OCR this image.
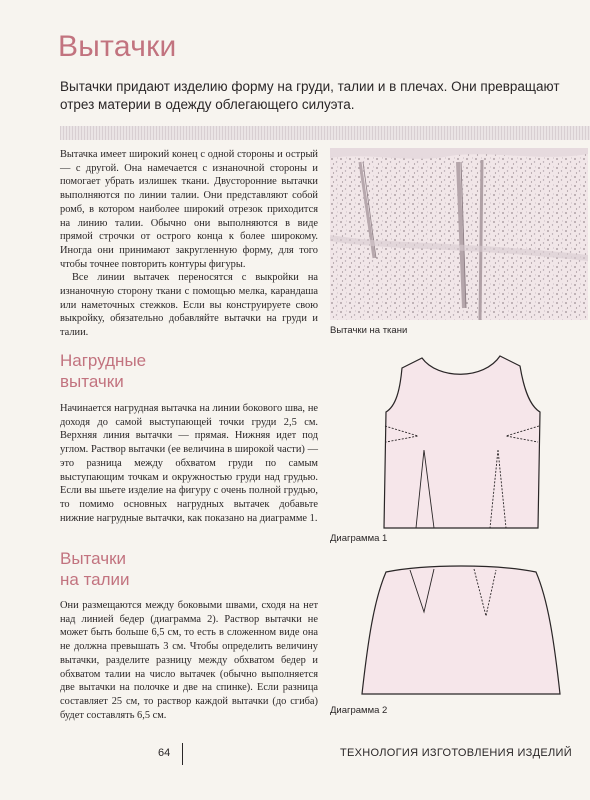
Вытачки

Вытачки придают изделию форму на груди, талии и в плечах. Они превращают отрез материи в одежду облегающего силуэта.

Вытачка имеет широкий конец с одной стороны и острый — с другой. Она намечается с изнаночной стороны и помогает убрать излишек ткани. Двусторонние вытачки выполняются по линии талии. Они представляют собой ромб, в котором наиболее широкий отрезок приходится на линию талии. Обычно они выполняются в виде прямой строчки от острого конца к более широкому. Иногда они принимают закругленную форму, для того чтобы точнее повторить контуры фигуры.

Все линии вытачек переносятся с выкройки на изнаночную сторону ткани с помощью мелка, карандаша или наметочных стежков. Если вы конструируете свою выкройку, обязательно добавляйте вытачки на груди и талии.	Вытачки на ткани
Нагрудные
вытачки

Начинается нагрудная вытачка на линии бокового шва, не доходя до самой выступающей точки груди 2,5 см. Верхняя линия вытачки — прямая. Нижняя идет под углом. Раствор вытачки (ее величина в широкой части) — это разница между обхватом груди по самым выступающим точкам и окружностью груди над грудью. Если вы шьете изделие на фигуру с очень полной грудью, то помимо основных нагрудных вытачек добавьте нижние нагрудные вытачки, как показано на диаграмме 1.

Диаграмма 1
Вытачки
на талии

Они размещаются между боковыми швами, сходя на нет над линией бедер (диаграмма 2). Раствор вытачки не может быть больше 6,5 см, то есть в сложенном виде она не должна превышать 3 см. Чтобы определить величину вытачки, разделите разницу между обхватом бедер и обхватом талии на число вытачек (обычно выполняется две вытачки на полочке и две на спинке). Если разница составляет 25 см, то раствор каждой вытачки (до сгиба) будет составлять 6,5 см.	Диаграмма 2
64	ТЕХНОЛОГИЯ ИЗГОТОВЛЕНИЯ ИЗДЕЛИЙ
